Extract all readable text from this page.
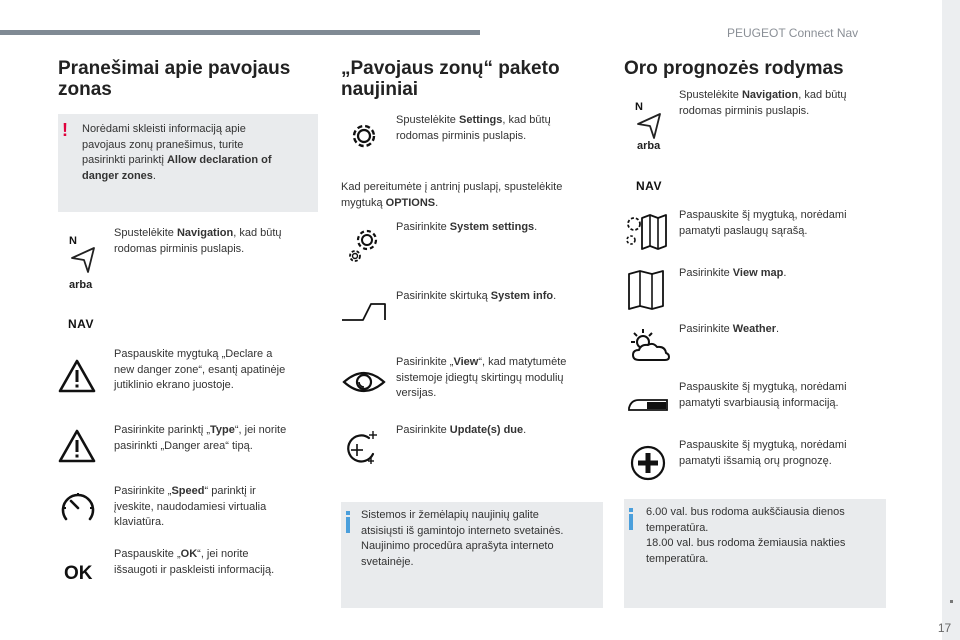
PEUGEOT Connect Nav
17
Pranešimai apie pavojaus
zonas
! Norėdami skleisti informaciją apie
pavojaus zonų pranešimus, turite
pasirinkti parinktį Allow declaration of
danger zones.
N
arba
NAV
Spustelėkite Navigation, kad būtų
rodomas pirminis puslapis.
Paspauskite mygtuką „Declare a
new danger zone“, esantį apatinėje
jutiklinio ekrano juostoje.
Pasirinkite parinktį „Type“, jei norite
pasirinkti „Danger area“ tipą.
Pasirinkite „Speed“ parinktį ir
įveskite, naudodamiesi virtualia
klaviatūra.
OK
Paspauskite „OK“, jei norite
išsaugoti ir paskleisti informaciją.
„Pavojaus zonų“ paketo
naujiniai
Spustelėkite Settings, kad būtų
rodomas pirminis puslapis.
Kad pereitumėte į antrinį puslapį, spustelėkite
mygtuką OPTIONS.
Pasirinkite System settings.
Pasirinkite skirtuką System info.
Pasirinkite „View“, kad matytumėte
sistemoje įdiegtų skirtingų modulių
versijas.
Pasirinkite Update(s) due.
Sistemos ir žemėlapių naujinių galite
atsisiųsti iš gamintojo interneto svetainės.
Naujinimo procedūra aprašyta interneto
svetainėje.
Oro prognozės rodymas
N
Spustelėkite Navigation, kad būtų
rodomas pirminis puslapis.
arba
NAV
Paspauskite šį mygtuką, norėdami
pamatyti paslaugų sąrašą.
Pasirinkite View map.
Pasirinkite Weather.
Paspauskite šį mygtuką, norėdami
pamatyti svarbiausią informaciją.
Paspauskite šį mygtuką, norėdami
pamatyti išsamią orų prognozę.
6.00 val. bus rodoma aukščiausia dienos
temperatūra.
18.00 val. bus rodoma žemiausia nakties
temperatūra.
